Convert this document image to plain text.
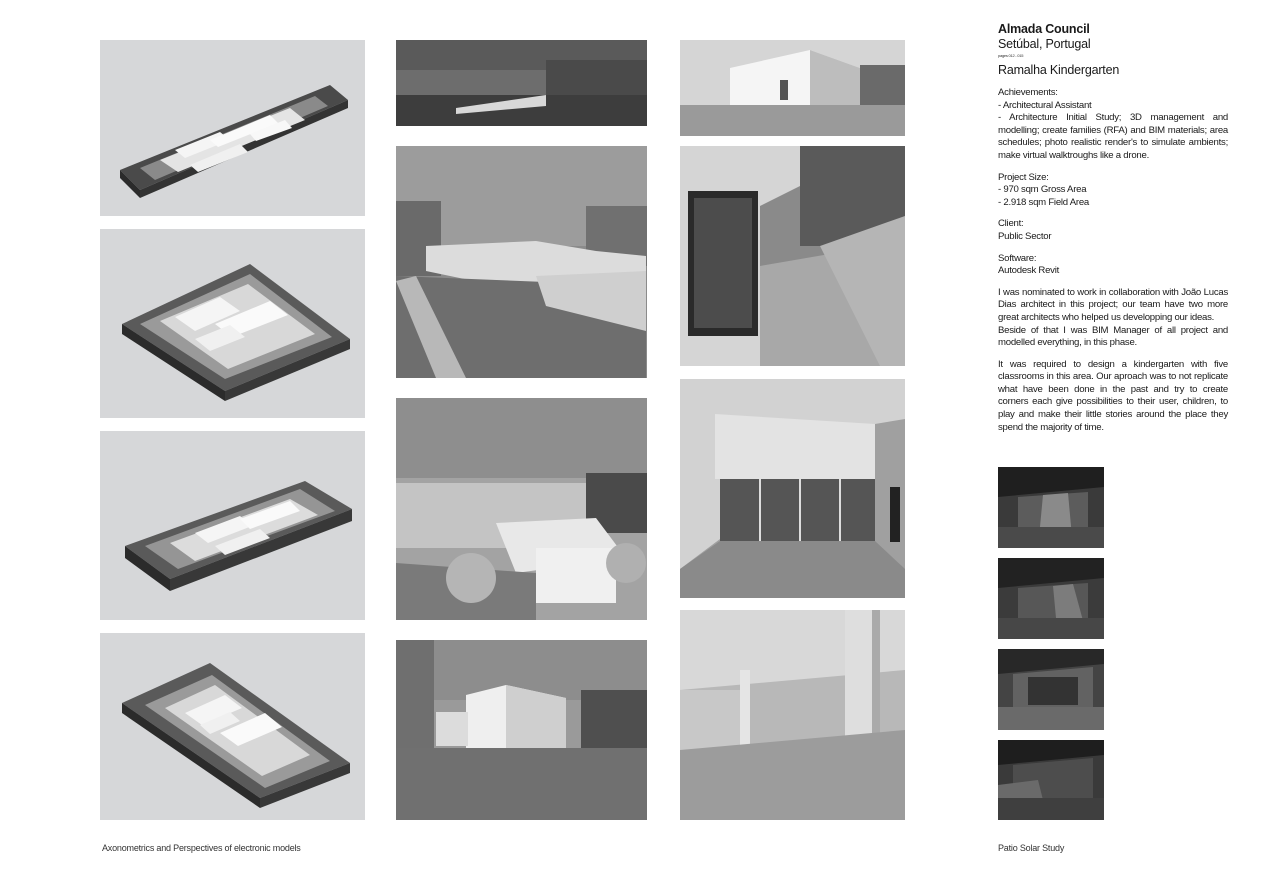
Almada Council
Setúbal, Portugal
pages 012 - 015
Ramalha Kindergarten
Achievements:

- Architectural Assistant

- Architecture Initial Study; 3D management and modelling; create families (RFA) and BIM materials; area schedules; photo realistic render's to simulate ambients; make virtual walktroughs like a drone.

Project Size:

- 970 sqm Gross Area

- 2.918 sqm Field Area

Client:

Public Sector

Software:

Autodesk Revit

I was nominated to work in collaboration with João Lucas Dias architect in this project; our team have two more great architects who helped us developping our ideas.

Beside of that I was BIM Manager of all project and modelled everything, in this phase.

It was required to design a kindergarten with five classrooms in this area. Our aproach was to not replicate what have been done in the past and try to create corners each give possibilities to their user, children, to play and make their little stories around the place they spend the majority of time.

Axonometrics and Perspectives of electronic models	Patio Solar Study
